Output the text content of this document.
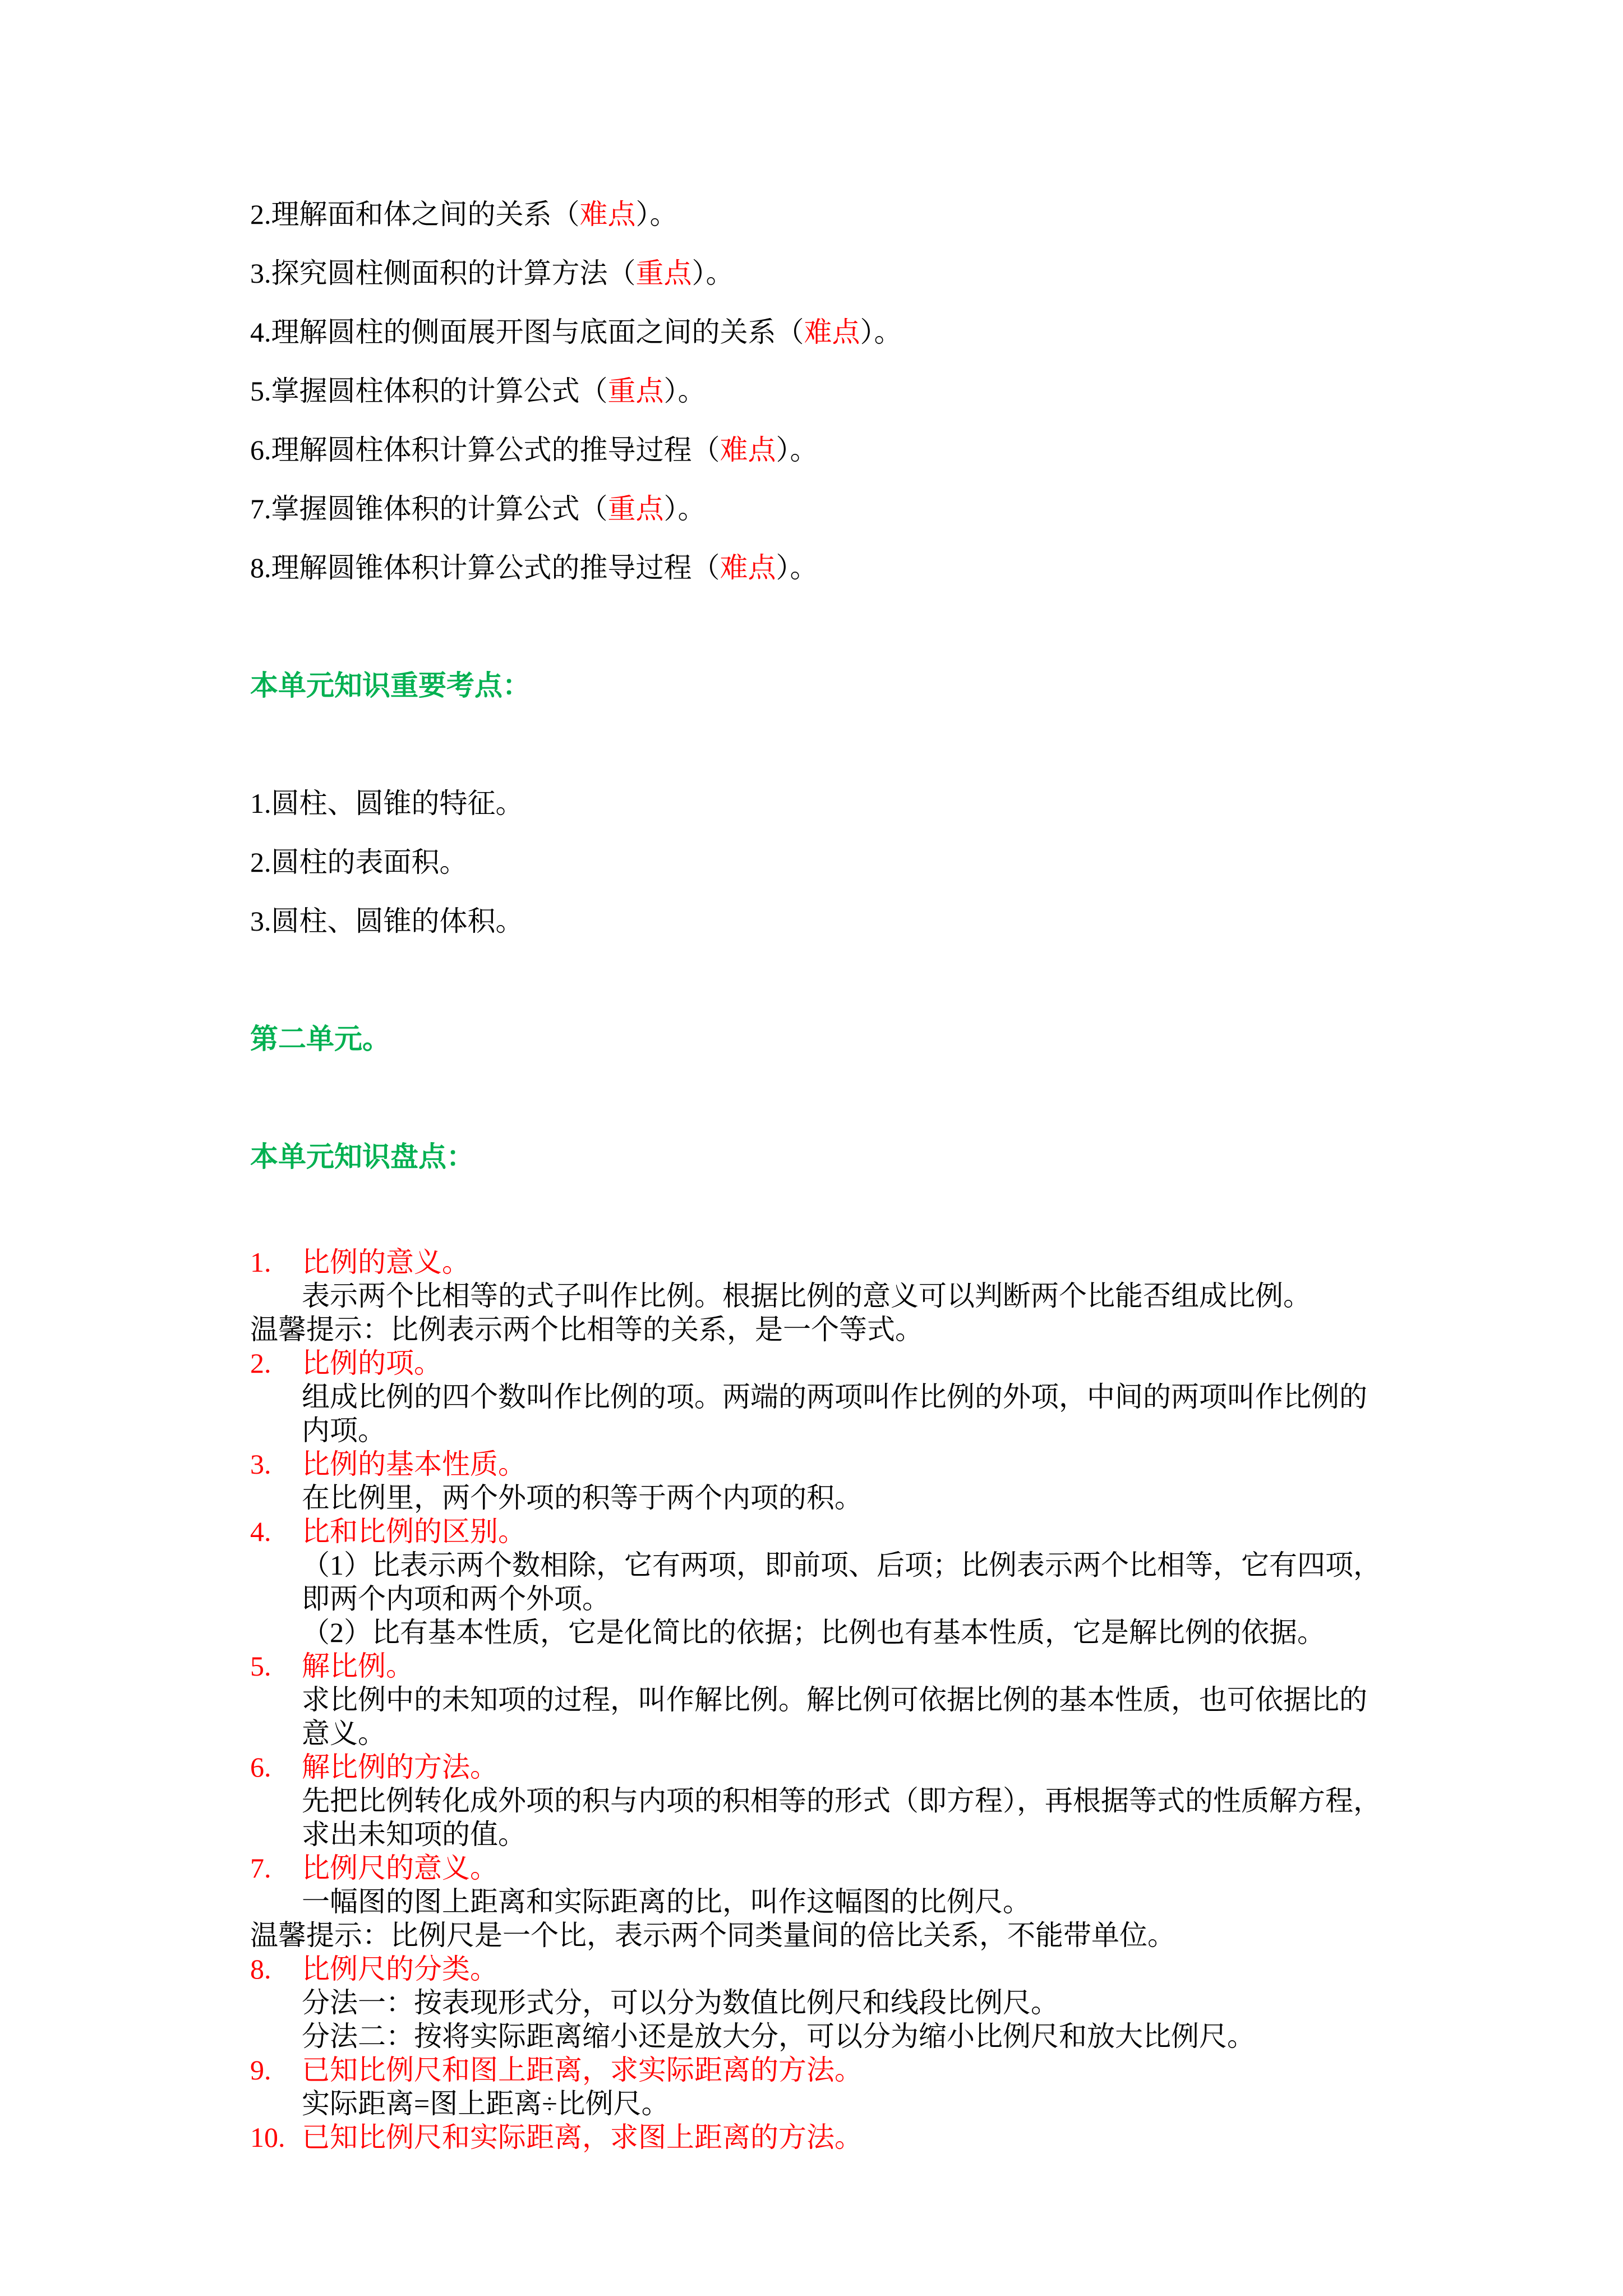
2.理解面和体之间的关系（难点）。
3.探究圆柱侧面积的计算方法（重点）。
4.理解圆柱的侧面展开图与底面之间的关系（难点）。
5.掌握圆柱体积的计算公式（重点）。
6.理解圆柱体积计算公式的推导过程（难点）。
7.掌握圆锥体积的计算公式（重点）。
8.理解圆锥体积计算公式的推导过程（难点）。
本单元知识重要考点：
1.圆柱、圆锥的特征。
2.圆柱的表面积。
3.圆柱、圆锥的体积。
第二单元。
本单元知识盘点：
1. 比例的意义。
表示两个比相等的式子叫作比例。根据比例的意义可以判断两个比能否组成比例。
温馨提示：比例表示两个比相等的关系，是一个等式。
2. 比例的项。
组成比例的四个数叫作比例的项。两端的两项叫作比例的外项，中间的两项叫作比例的
内项。
3. 比例的基本性质。
在比例里，两个外项的积等于两个内项的积。
4. 比和比例的区别。
（1）比表示两个数相除，它有两项，即前项、后项；比例表示两个比相等，它有四项，
即两个内项和两个外项。
（2）比有基本性质，它是化简比的依据；比例也有基本性质，它是解比例的依据。
5. 解比例。
求比例中的未知项的过程，叫作解比例。解比例可依据比例的基本性质，也可依据比的
意义。
6. 解比例的方法。
先把比例转化成外项的积与内项的积相等的形式（即方程），再根据等式的性质解方程，
求出未知项的值。
7. 比例尺的意义。
一幅图的图上距离和实际距离的比，叫作这幅图的比例尺。
温馨提示：比例尺是一个比，表示两个同类量间的倍比关系，不能带单位。
8. 比例尺的分类。
分法一：按表现形式分，可以分为数值比例尺和线段比例尺。
分法二：按将实际距离缩小还是放大分，可以分为缩小比例尺和放大比例尺。
9. 已知比例尺和图上距离，求实际距离的方法。
实际距离=图上距离÷比例尺。
10. 已知比例尺和实际距离，求图上距离的方法。
